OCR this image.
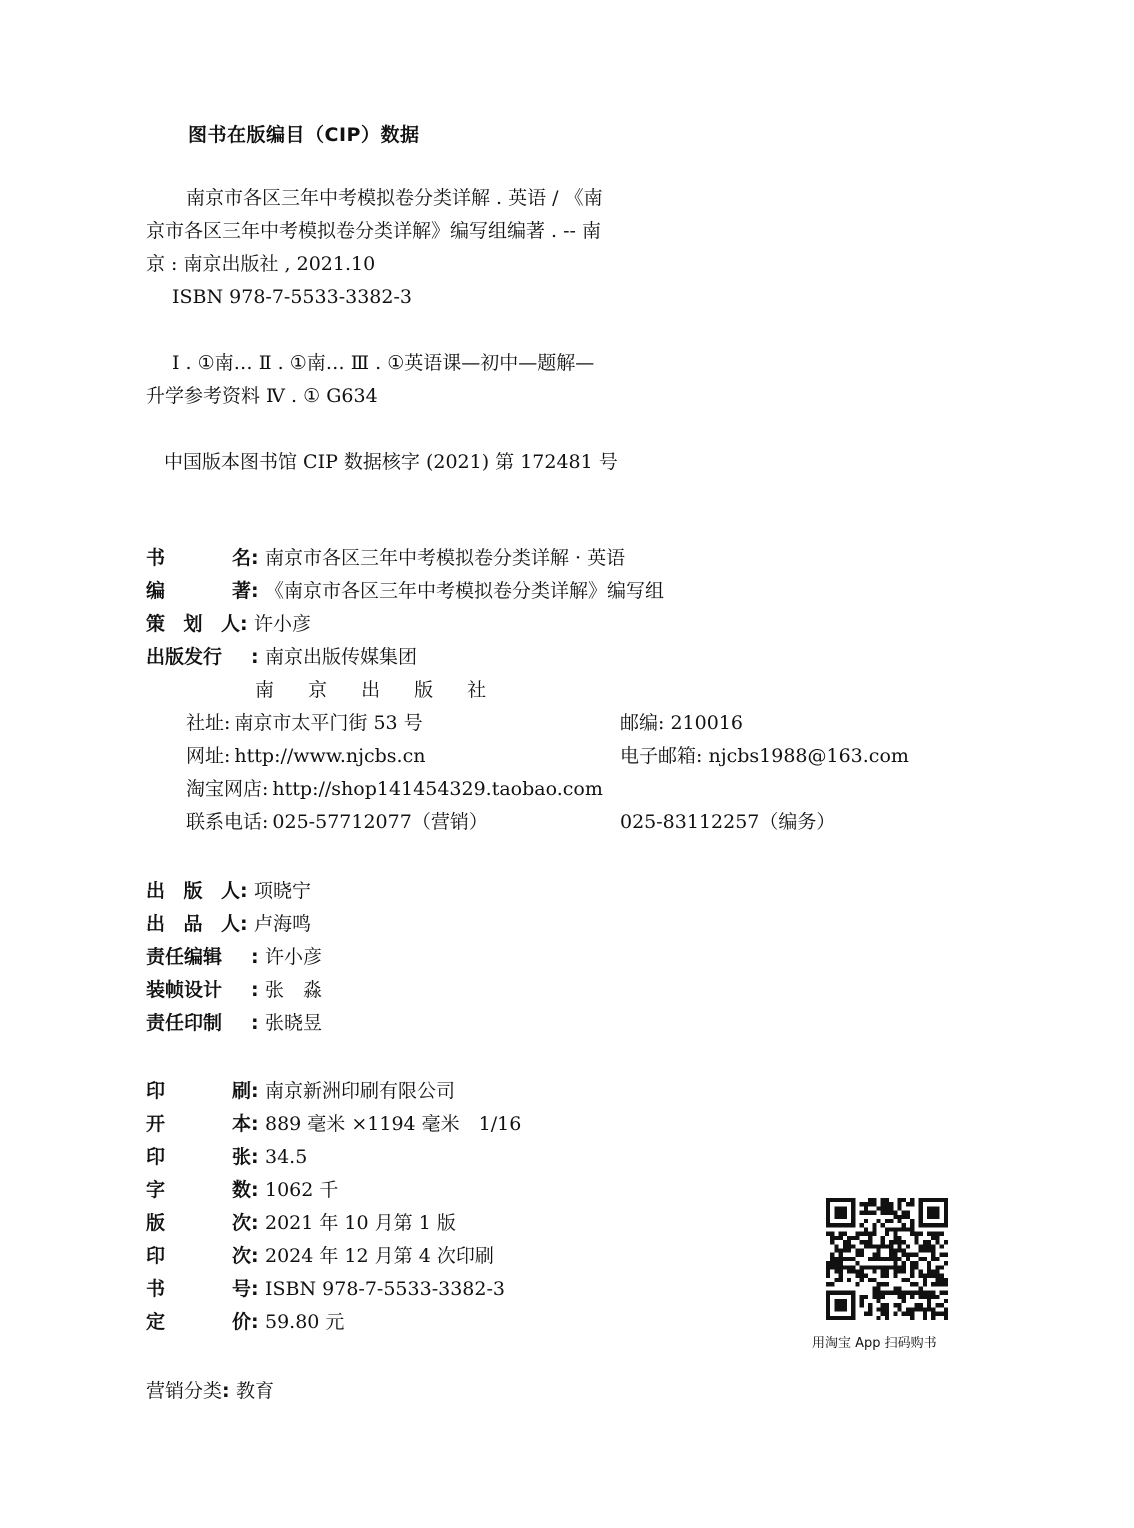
图书在版编目（CIP）数据
南京市各区三年中考模拟卷分类详解 . 英语 / 《南
京市各区三年中考模拟卷分类详解》编写组编著 . -- 南
京 : 南京出版社 , 2021.10
ISBN 978-7-5533-3382-3
Ⅰ . ①南… Ⅱ . ①南… Ⅲ . ①英语课—初中—题解—
升学参考资料 Ⅳ . ① G634
中国版本图书馆 CIP 数据核字 (2021) 第 172481 号
书	名 : 南京市各区三年中考模拟卷分类详解 · 英语
编	著 : 《南京市各区三年中考模拟卷分类详解》编写组
策 划 人 : 许小彦
出版发行	: 南京出版传媒集团
南 京 出 版 社
社址 : 南京市太平门街 53 号	邮编: 210016
网址 : http://www.njcbs.cn	电子邮箱: njcbs1988@163.com
淘宝网店 : http://shop141454329.taobao.com
联系电话 : 025-57712077（营销）	025-83112257（编务）
出 版 人 : 项晓宁
出 品 人 : 卢海鸣
责任编辑	: 许小彦
装帧设计	: 张　淼
责任印制	: 张晓昱
印	刷 : 南京新洲印刷有限公司
开	本 : 889 毫米 ×1194 毫米　1/16
印	张 : 34.5
字	数 : 1062 千
版	次 : 2021 年 10 月第 1 版
印	次 : 2024 年 12 月第 4 次印刷
书	号 : ISBN 978-7-5533-3382-3
定	价 : 59.80 元
营销分类 : 教育
用淘宝 App 扫码购书
